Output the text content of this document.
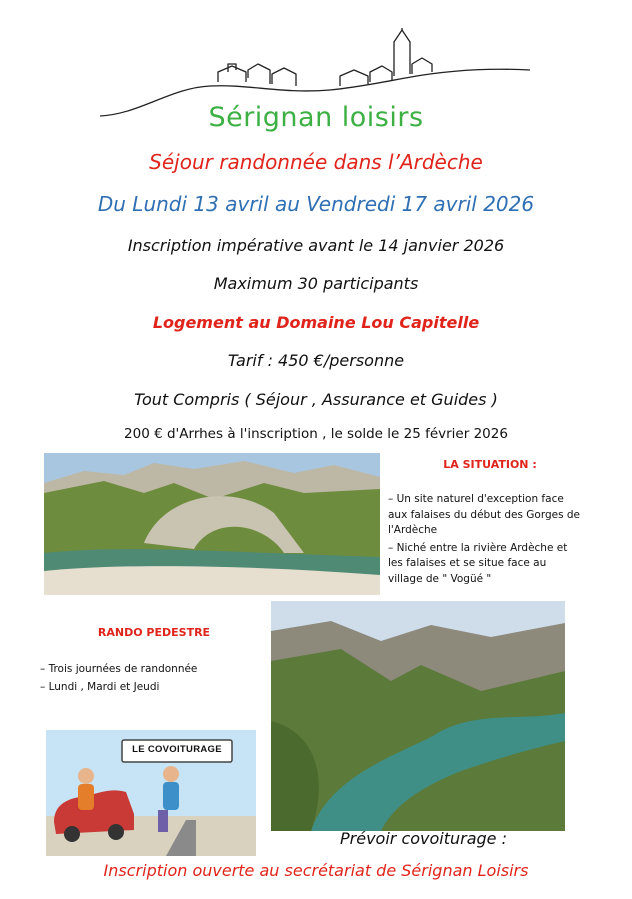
Sérignan loisirs
Séjour randonnée dans l’Ardèche
Du Lundi 13 avril au Vendredi 17 avril 2026
Inscription impérative avant le 14 janvier 2026
Maximum 30 participants
Logement au Domaine Lou Capitelle
Tarif : 450 €/personne
Tout Compris ( Séjour , Assurance et Guides )
200 € d'Arrhes à l'inscription , le solde le 25 février 2026
LA SITUATION :

– Un site naturel d'exception face aux falaises du début des Gorges de l'Ardèche

– Niché entre la rivière Ardèche et les falaises et se situe face au village de " Vogüé "

RANDO PEDESTRE

– Trois journées de randonnée

– Lundi , Mardi et Jeudi

LE COVOITURAGE
Prévoir covoiturage :
Inscription ouverte au secrétariat de Sérignan Loisirs
